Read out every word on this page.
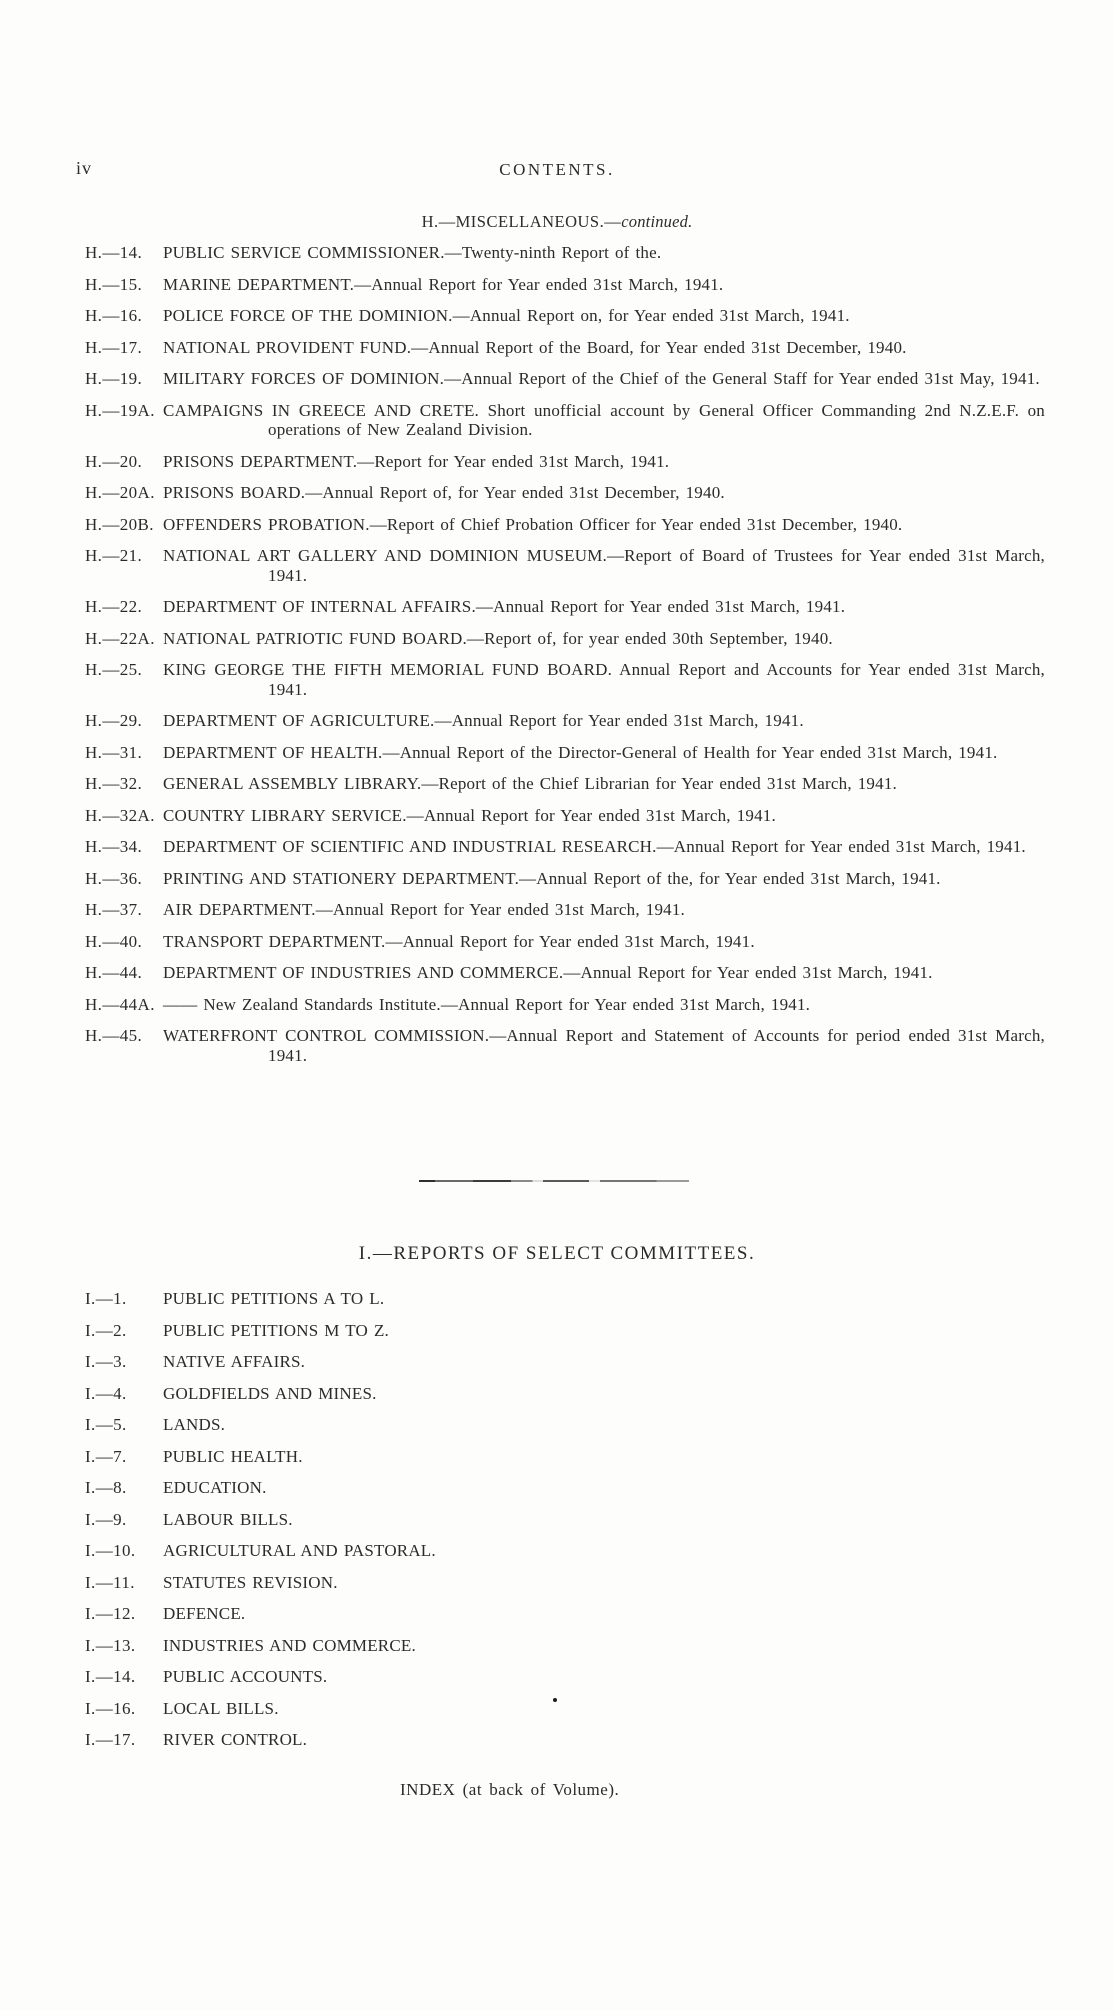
iv	CONTENTS.
H.—MISCELLANEOUS.—continued.
H.—14.	PUBLIC SERVICE COMMISSIONER.—Twenty-ninth Report of the.
H.—15.	MARINE DEPARTMENT.—Annual Report for Year ended 31st March, 1941.
H.—16.	POLICE FORCE OF THE DOMINION.—Annual Report on, for Year ended 31st March, 1941.
H.—17.	NATIONAL PROVIDENT FUND.—Annual Report of the Board, for Year ended 31st December, 1940.
H.—19.	MILITARY FORCES OF DOMINION.—Annual Report of the Chief of the General Staff for Year ended 31st May, 1941.
H.—19A. CAMPAIGNS IN GREECE AND CRETE. Short unofficial account by General Officer Commanding 2nd N.Z.E.F. on operations of New Zealand Division.
H.—20.	PRISONS DEPARTMENT.—Report for Year ended 31st March, 1941.
H.—20A. PRISONS BOARD.—Annual Report of, for Year ended 31st December, 1940.
H.—20B. OFFENDERS PROBATION.—Report of Chief Probation Officer for Year ended 31st December, 1940.
H.—21.	NATIONAL ART GALLERY AND DOMINION MUSEUM.—Report of Board of Trustees for Year ended 31st March, 1941.
H.—22.	DEPARTMENT OF INTERNAL AFFAIRS.—Annual Report for Year ended 31st March, 1941.
H.—22A. NATIONAL PATRIOTIC FUND BOARD.—Report of, for year ended 30th September, 1940.
H.—25.	KING GEORGE THE FIFTH MEMORIAL FUND BOARD. Annual Report and Accounts for Year ended 31st March, 1941.
H.—29.	DEPARTMENT OF AGRICULTURE.—Annual Report for Year ended 31st March, 1941.
H.—31.	DEPARTMENT OF HEALTH.—Annual Report of the Director-General of Health for Year ended 31st March, 1941.
H.—32.	GENERAL ASSEMBLY LIBRARY.—Report of the Chief Librarian for Year ended 31st March, 1941.
H.—32A. COUNTRY LIBRARY SERVICE.—Annual Report for Year ended 31st March, 1941.
H.—34.	DEPARTMENT OF SCIENTIFIC AND INDUSTRIAL RESEARCH.—Annual Report for Year ended 31st March, 1941.
H.—36.	PRINTING AND STATIONERY DEPARTMENT.—Annual Report of the, for Year ended 31st March, 1941.
H.—37.	AIR DEPARTMENT.—Annual Report for Year ended 31st March, 1941.
H.—40.	TRANSPORT DEPARTMENT.—Annual Report for Year ended 31st March, 1941.
H.—44.	DEPARTMENT OF INDUSTRIES AND COMMERCE.—Annual Report for Year ended 31st March, 1941.
H.—44A. —— New Zealand Standards Institute.—Annual Report for Year ended 31st March, 1941.
H.—45.	WATERFRONT CONTROL COMMISSION.—Annual Report and Statement of Accounts for period ended 31st March, 1941.
I.—REPORTS OF SELECT COMMITTEES.
I.—1.	PUBLIC PETITIONS A TO L.
I.—2.	PUBLIC PETITIONS M TO Z.
I.—3.	NATIVE AFFAIRS.
I.—4.	GOLDFIELDS AND MINES.
I.—5.	LANDS.
I.—7.	PUBLIC HEALTH.
I.—8.	EDUCATION.
I.—9.	LABOUR BILLS.
I.—10.	AGRICULTURAL AND PASTORAL.
I.—11.	STATUTES REVISION.
I.—12.	DEFENCE.
I.—13.	INDUSTRIES AND COMMERCE.
I.—14.	PUBLIC ACCOUNTS.
I.—16.	LOCAL BILLS.
I.—17.	RIVER CONTROL.
INDEX (at back of Volume).
